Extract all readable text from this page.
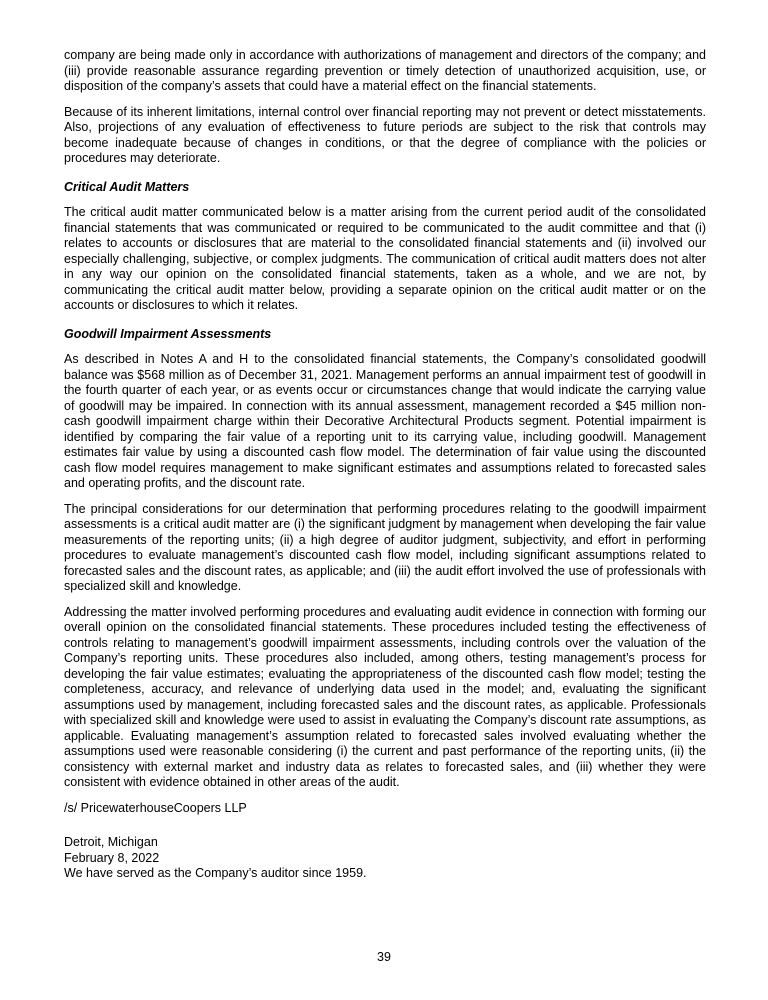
company are being made only in accordance with authorizations of management and directors of the company; and (iii) provide reasonable assurance regarding prevention or timely detection of unauthorized acquisition, use, or disposition of the company’s assets that could have a material effect on the financial statements.

Because of its inherent limitations, internal control over financial reporting may not prevent or detect misstatements. Also, projections of any evaluation of effectiveness to future periods are subject to the risk that controls may become inadequate because of changes in conditions, or that the degree of compliance with the policies or procedures may deteriorate.

Critical Audit Matters

The critical audit matter communicated below is a matter arising from the current period audit of the consolidated financial statements that was communicated or required to be communicated to the audit committee and that (i) relates to accounts or disclosures that are material to the consolidated financial statements and (ii) involved our especially challenging, subjective, or complex judgments. The communication of critical audit matters does not alter in any way our opinion on the consolidated financial statements, taken as a whole, and we are not, by communicating the critical audit matter below, providing a separate opinion on the critical audit matter or on the accounts or disclosures to which it relates.

Goodwill Impairment Assessments

As described in Notes A and H to the consolidated financial statements, the Company’s consolidated goodwill balance was $568 million as of December 31, 2021. Management performs an annual impairment test of goodwill in the fourth quarter of each year, or as events occur or circumstances change that would indicate the carrying value of goodwill may be impaired. In connection with its annual assessment, management recorded a $45 million non-cash goodwill impairment charge within their Decorative Architectural Products segment. Potential impairment is identified by comparing the fair value of a reporting unit to its carrying value, including goodwill. Management estimates fair value by using a discounted cash flow model. The determination of fair value using the discounted cash flow model requires management to make significant estimates and assumptions related to forecasted sales and operating profits, and the discount rate.

The principal considerations for our determination that performing procedures relating to the goodwill impairment assessments is a critical audit matter are (i) the significant judgment by management when developing the fair value measurements of the reporting units; (ii) a high degree of auditor judgment, subjectivity, and effort in performing procedures to evaluate management’s discounted cash flow model, including significant assumptions related to forecasted sales and the discount rates, as applicable; and (iii) the audit effort involved the use of professionals with specialized skill and knowledge.

Addressing the matter involved performing procedures and evaluating audit evidence in connection with forming our overall opinion on the consolidated financial statements. These procedures included testing the effectiveness of controls relating to management’s goodwill impairment assessments, including controls over the valuation of the Company’s reporting units. These procedures also included, among others, testing management’s process for developing the fair value estimates; evaluating the appropriateness of the discounted cash flow model; testing the completeness, accuracy, and relevance of underlying data used in the model; and, evaluating the significant assumptions used by management, including forecasted sales and the discount rates, as applicable. Professionals with specialized skill and knowledge were used to assist in evaluating the Company’s discount rate assumptions, as applicable. Evaluating management’s assumption related to forecasted sales involved evaluating whether the assumptions used were reasonable considering (i) the current and past performance of the reporting units, (ii) the consistency with external market and industry data as relates to forecasted sales, and (iii) whether they were consistent with evidence obtained in other areas of the audit.

/s/ PricewaterhouseCoopers LLP

Detroit, Michigan

February 8, 2022

We have served as the Company’s auditor since 1959.

39
